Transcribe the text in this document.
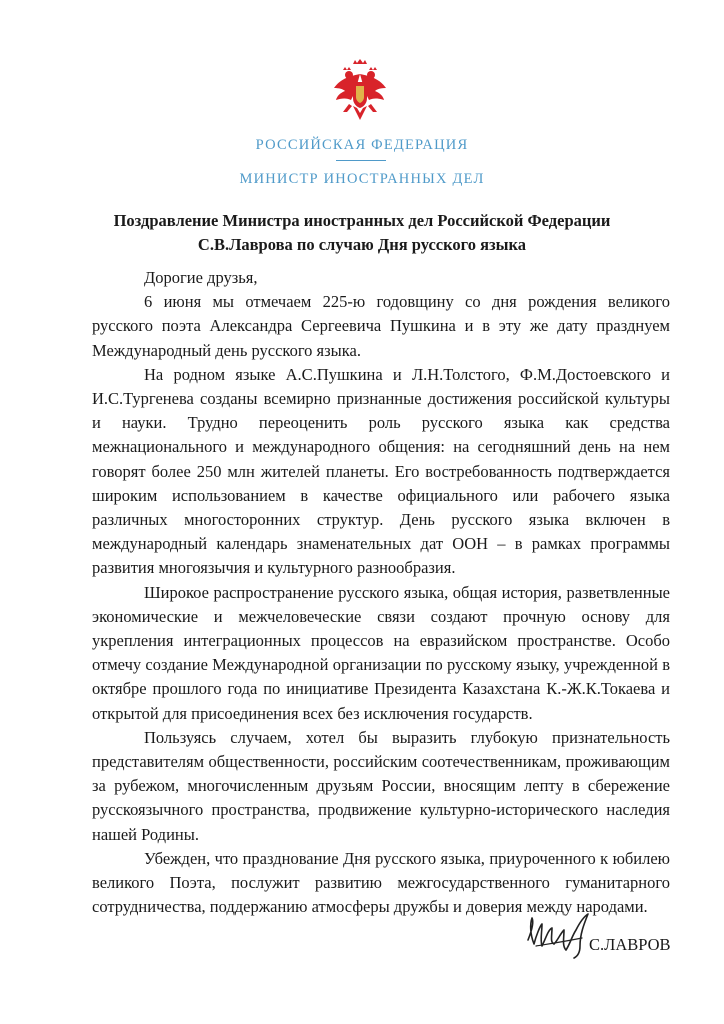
РОССИЙСКАЯ ФЕДЕРАЦИЯ
МИНИСТР ИНОСТРАННЫХ ДЕЛ
Поздравление Министра иностранных дел Российской Федерации
С.В.Лаврова по случаю Дня русского языка

Дорогие друзья,

6 июня мы отмечаем 225-ю годовщину со дня рождения великого русского поэта Александра Сергеевича Пушкина и в эту же дату празднуем Международный день русского языка.

На родном языке А.С.Пушкина и Л.Н.Толстого, Ф.М.Достоевского и И.С.Тургенева созданы всемирно признанные достижения российской культуры и науки. Трудно переоценить роль русского языка как средства межнационального и международного общения: на сегодняшний день на нем говорят более 250 млн жителей планеты. Его востребованность подтверждается широким использованием в качестве официального или рабочего языка различных многосторонних структур. День русского языка включен в международный календарь знаменательных дат ООН – в рамках программы развития многоязычия и культурного разнообразия.

Широкое распространение русского языка, общая история, разветвленные экономические и межчеловеческие связи создают прочную основу для укрепления интеграционных процессов на евразийском пространстве. Особо отмечу создание Международной организации по русскому языку, учрежденной в октябре прошлого года по инициативе Президента Казахстана К.-Ж.К.Токаева и открытой для присоединения всех без исключения государств.

Пользуясь случаем, хотел бы выразить глубокую признательность представителям общественности, российским соотечественникам, проживающим за рубежом, многочисленным друзьям России, вносящим лепту в сбережение русскоязычного пространства, продвижение культурно-исторического наследия нашей Родины.

Убежден, что празднование Дня русского языка, приуроченного к юбилею великого Поэта, послужит развитию межгосударственного гуманитарного сотрудничества, поддержанию атмосферы дружбы и доверия между народами.

С.ЛАВРОВ
